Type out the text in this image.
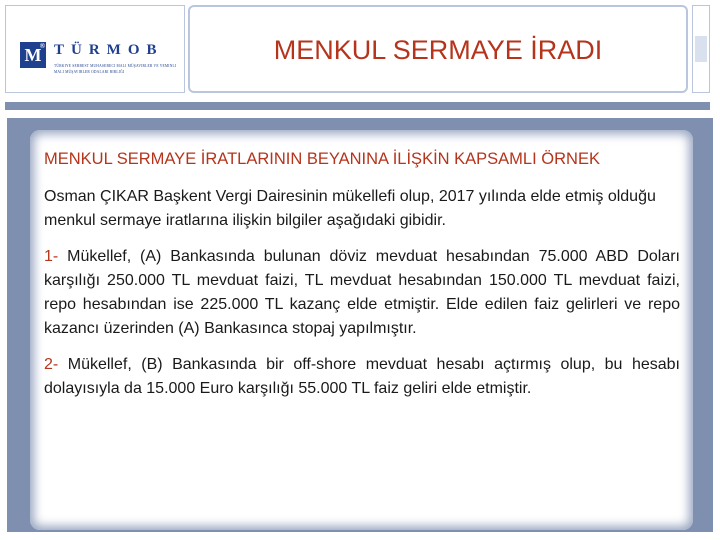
M
® TÜRMOB
TÜRKIYE SERBEST MUHASEBECI MALI MÜŞAVIRLER VE YEMINLI MALI MÜŞAVIRLER ODALARI BIRLIĞI
MENKUL SERMAYE İRADI
MENKUL SERMAYE İRATLARININ BEYANINA İLİŞKİN KAPSAMLI ÖRNEK

Osman ÇIKAR Başkent Vergi Dairesinin mükellefi olup, 2017 yılında elde etmiş olduğu menkul sermaye iratlarına ilişkin bilgiler aşağıdaki gibidir.

1- Mükellef, (A) Bankasında bulunan döviz mevduat hesabından 75.000 ABD Doları karşılığı 250.000 TL mevduat faizi, TL mevduat hesabından 150.000 TL mevduat faizi, repo hesabından ise 225.000 TL kazanç elde etmiştir. Elde edilen faiz gelirleri ve repo kazancı üzerinden (A) Bankasınca stopaj yapılmıştır.

2- Mükellef, (B) Bankasında bir off-shore mevduat hesabı açtırmış olup, bu hesabı dolayısıyla da 15.000 Euro karşılığı 55.000 TL faiz geliri elde etmiştir.
